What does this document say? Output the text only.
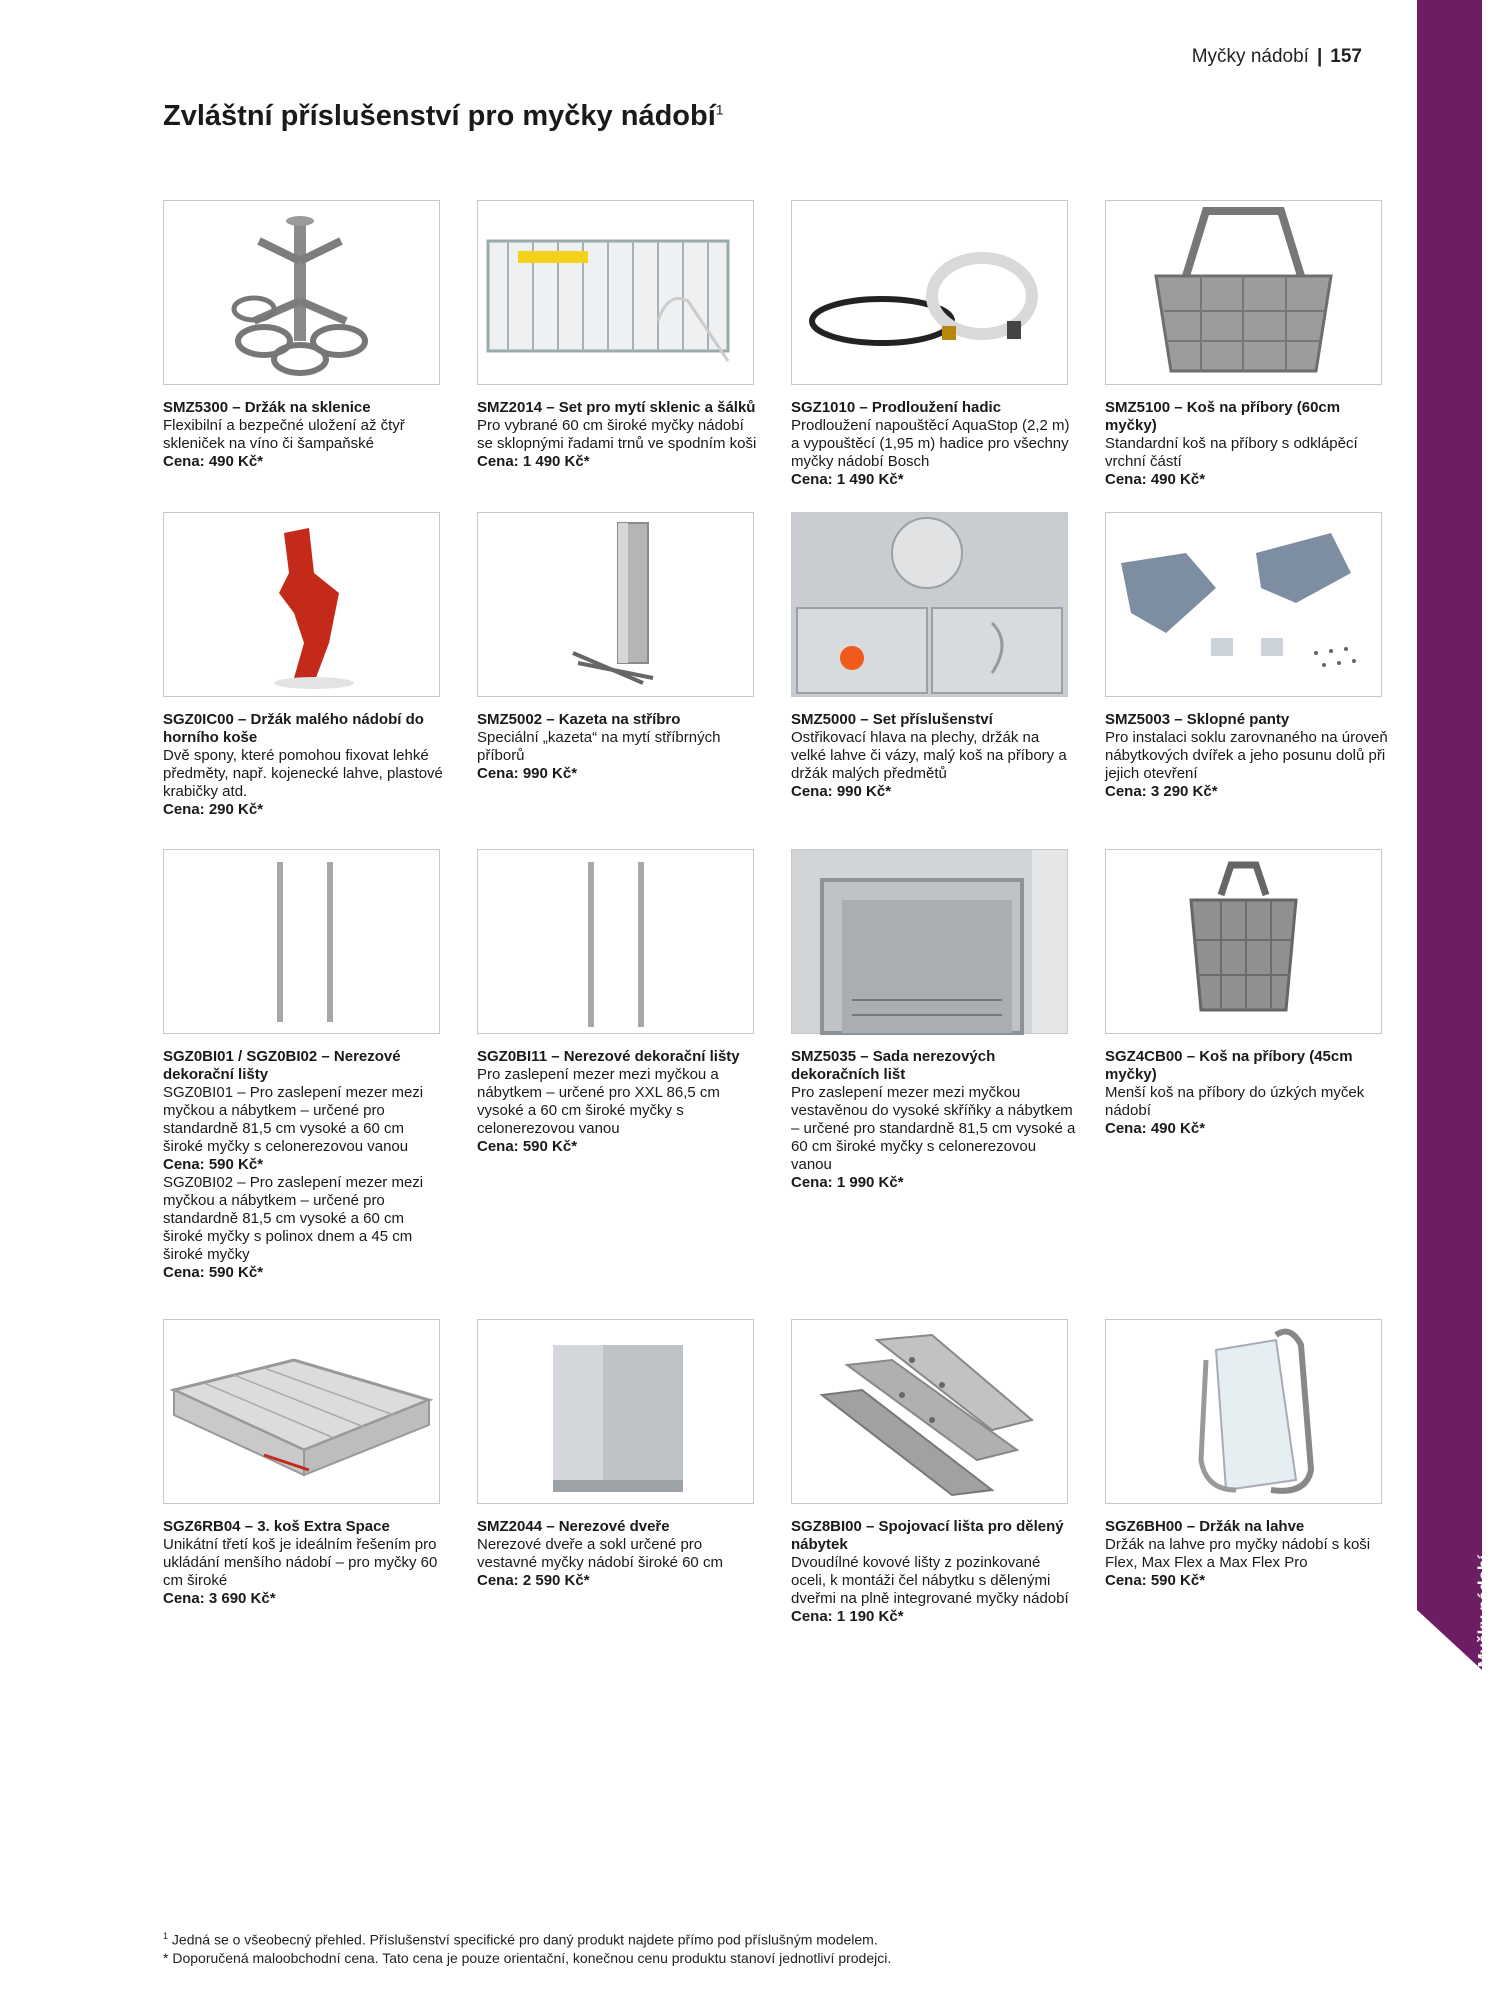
Myčky nádobí | 157
Zvláštní příslušenství pro myčky nádobí$^1$
Myčky nádobí
SMZ5300 – Držák na sklenice
Flexibilní a bezpečné uložení až čtyř skleniček na víno či šampaňské
Cena: 490 Kč*
SMZ2014 – Set pro mytí sklenic a šálků
Pro vybrané 60 cm široké myčky nádobí se sklopnými řadami trnů ve spodním koši
Cena: 1 490 Kč*
SGZ1010 – Prodloužení hadic
Prodloužení napouštěcí AquaStop (2,2 m) a vypouštěcí (1,95 m) hadice pro všechny myčky nádobí Bosch
Cena: 1 490 Kč*
SMZ5100 – Koš na příbory (60cm myčky)
Standardní koš na příbory s odklápěcí vrchní částí
Cena: 490 Kč*
SGZ0IC00 – Držák malého nádobí do horního koše
Dvě spony, které pomohou fixovat lehké předměty, např. kojenecké lahve, plastové krabičky atd.
Cena: 290 Kč*
SMZ5002 – Kazeta na stříbro
Speciální „kazeta“ na mytí stříbrných příborů
Cena: 990 Kč*
SMZ5000 – Set příslušenství
Ostřikovací hlava na plechy, držák na velké lahve či vázy, malý koš na příbory a držák malých předmětů
Cena: 990 Kč*
SMZ5003 – Sklopné panty
Pro instalaci soklu zarovnaného na úroveň nábytkových dvířek a jeho posunu dolů při jejich otevření
Cena: 3 290 Kč*
SGZ0BI01 / SGZ0BI02 – Nerezové dekorační lišty
SGZ0BI01 – Pro zaslepení mezer mezi myčkou a nábytkem – určené pro standardně 81,5 cm vysoké a 60 cm široké myčky s celonerezovou vanou
Cena: 590 Kč*
SGZ0BI02 – Pro zaslepení mezer mezi myčkou a nábytkem – určené pro standardně 81,5 cm vysoké a 60 cm široké myčky s polinox dnem a 45 cm široké myčky
Cena: 590 Kč*
SGZ0BI11 – Nerezové dekorační lišty
Pro zaslepení mezer mezi myčkou a nábytkem – určené pro XXL 86,5 cm vysoké a 60 cm široké myčky s celonerezovou vanou
Cena: 590 Kč*
SMZ5035 – Sada nerezových dekoračních lišt
Pro zaslepení mezer mezi myčkou vestavěnou do vysoké skříňky a nábytkem – určené pro standardně 81,5 cm vysoké a 60 cm široké myčky s celonerezovou vanou
Cena: 1 990 Kč*
SGZ4CB00 – Koš na příbory (45cm myčky)
Menší koš na příbory do úzkých myček nádobí
Cena: 490 Kč*
SGZ6RB04 – 3. koš Extra Space
Unikátní třetí koš je ideálním řešením pro ukládání menšího nádobí – pro myčky 60 cm široké
Cena: 3 690 Kč*
SMZ2044 – Nerezové dveře
Nerezové dveře a sokl určené pro vestavné myčky nádobí široké 60 cm
Cena: 2 590 Kč*
SGZ8BI00 – Spojovací lišta pro dělený nábytek
Dvoudílné kovové lišty z pozinkované oceli, k montáži čel nábytku s dělenými dveřmi na plně integrované myčky nádobí
Cena: 1 190 Kč*
SGZ6BH00 – Držák na lahve
Držák na lahve pro myčky nádobí s koši Flex, Max Flex a Max Flex Pro
Cena: 590 Kč*
$^1$ Jedná se o všeobecný přehled. Příslušenství specifické pro daný produkt najdete přímo pod příslušným modelem.
* Doporučená maloobchodní cena. Tato cena je pouze orientační, konečnou cenu produktu stanoví jednotliví prodejci.
